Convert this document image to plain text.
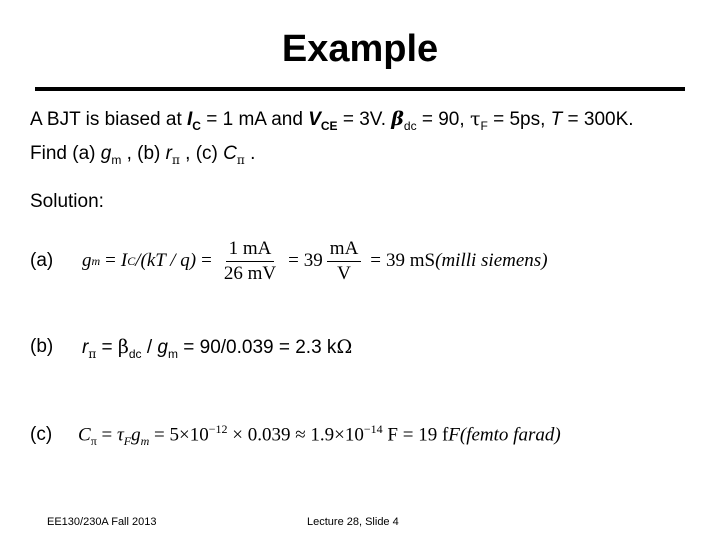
Example
A BJT is biased at $I_C = 1$ mA and $V_{CE} = 3V$. $\beta_{dc} = 90$, $\tau_F = 5ps$, T = 300K.
Find (a) $g_m$ , (b) $r_\pi$ , (c) $C_\pi$ .
Solution:
(a) g m = I C $/(kT / q) = \frac{1 mA}{26 mV} = 39 \frac{mA}{V} = 39$ mS (milli siemens)
(b) $r_\pi = \beta_{dc} / g_m = 90/0.039 = 2.3$ kΩ
(c) $C_\pi = \tau_Fg_m = 5\times 10^{-12} \times 0.039 \approx 1.9\times 10^{-14}$ F = 19 fF(femto farad)
EE130/230A Fall 2013	Lecture 28, Slide 4
